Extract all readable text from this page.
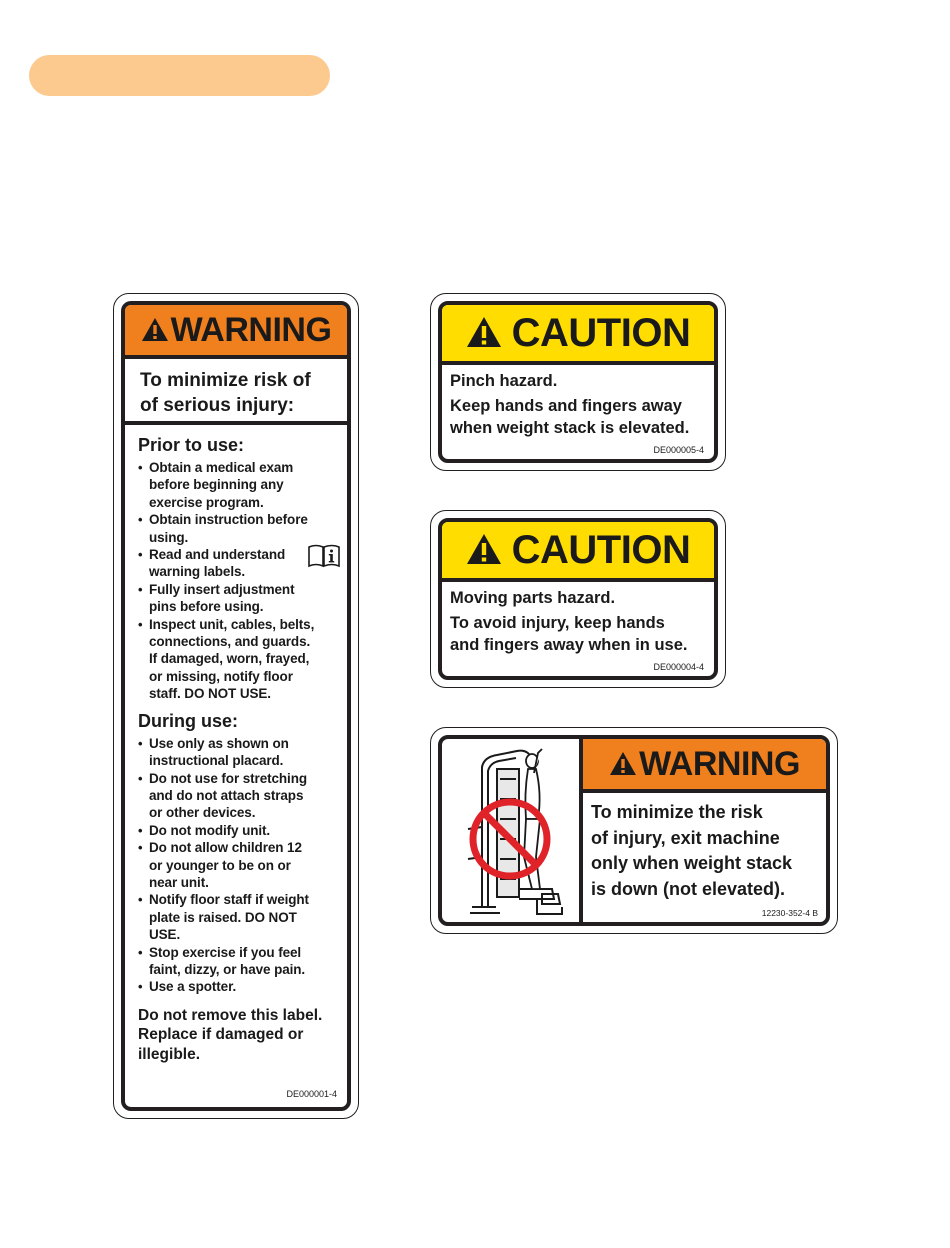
WARNING
To minimize risk of
of serious injury:
Prior to use:
• Obtain a medical exam
before beginning any
exercise program.
• Obtain instruction before
using.
• Read and understand
warning labels.
• Fully insert adjustment
pins before using.
• Inspect unit, cables, belts,
connections, and guards.
If damaged, worn, frayed,
or missing, notify floor
staff. DO NOT USE.
During use:
• Use only as shown on
instructional placard.
• Do not use for stretching
and do not attach straps
or other devices.
• Do not modify unit.
• Do not allow children 12
or younger to be on or
near unit.
• Notify floor staff if weight
plate is raised. DO NOT
USE.
• Stop exercise if you feel
faint, dizzy, or have pain.
• Use a spotter.
Do not remove this label.
Replace if damaged or
illegible.
DE000001-4
CAUTION
Pinch hazard.
Keep hands and fingers away
when weight stack is elevated.
DE000005-4
CAUTION
Moving parts hazard.
To avoid injury, keep hands
and fingers away when in use.
DE000004-4
WARNING
To minimize the risk
of injury, exit machine
only when weight stack
is down (not elevated).
12230-352-4 B
